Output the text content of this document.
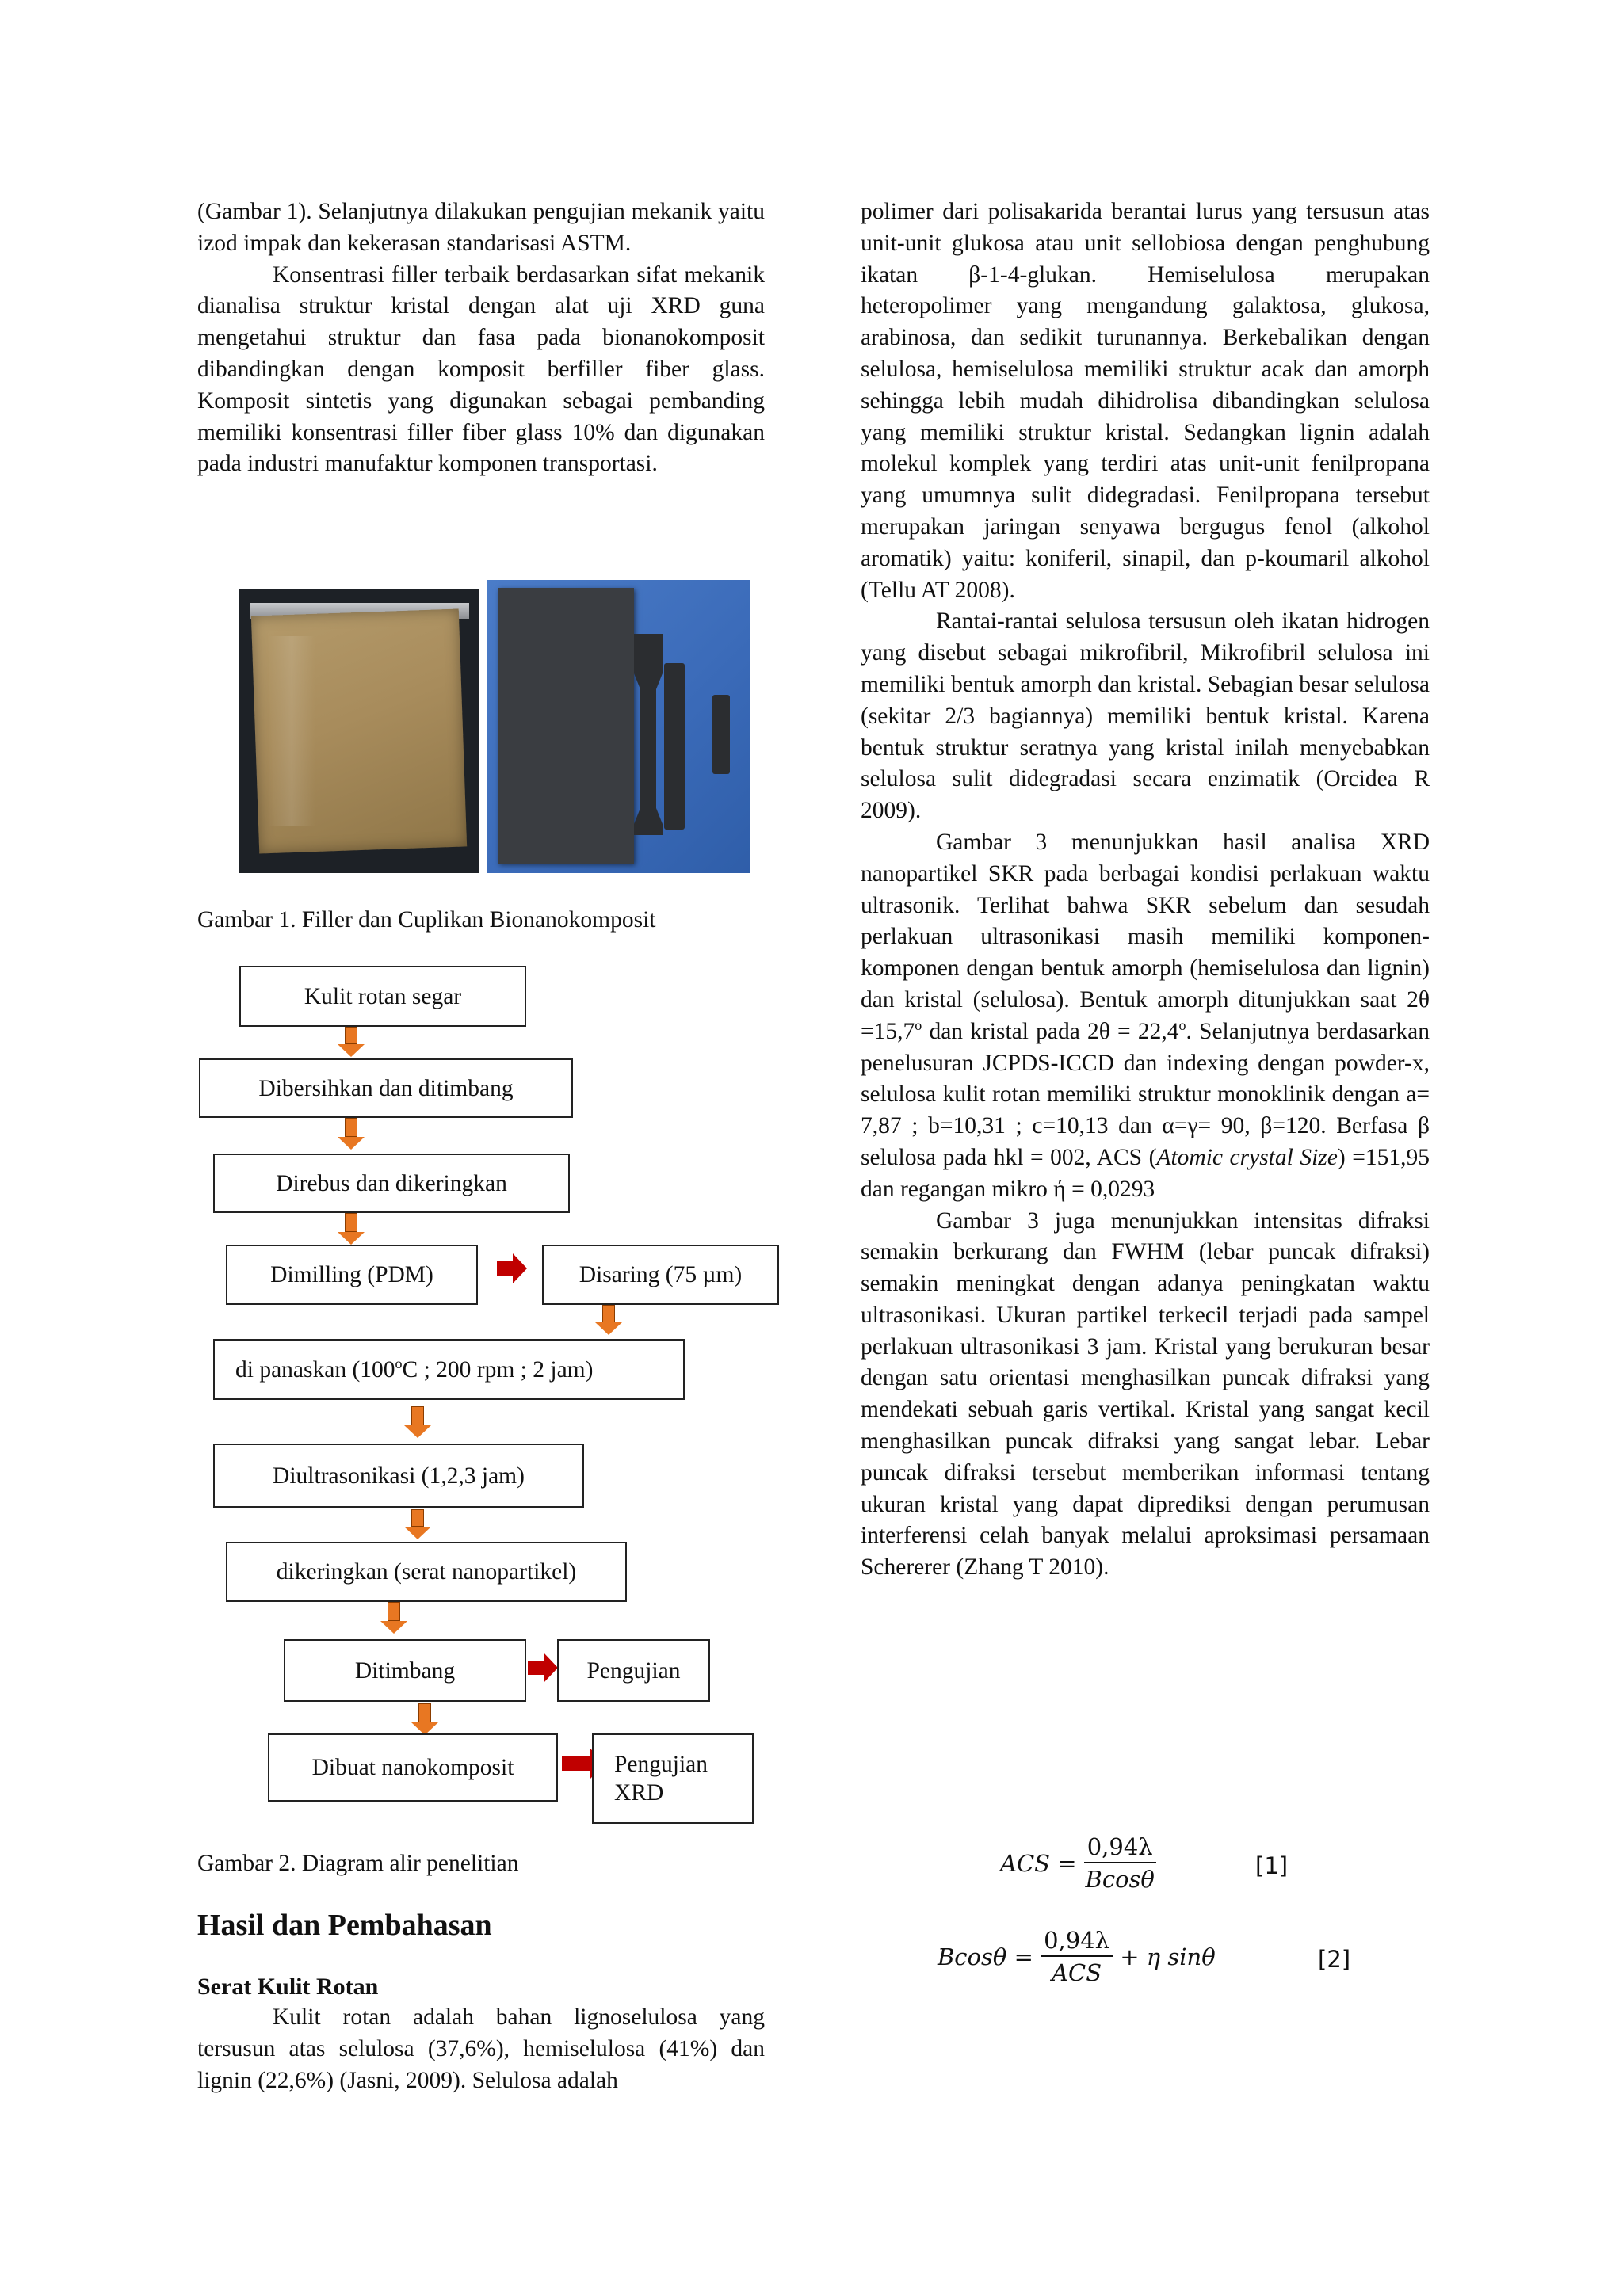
(Gambar 1). Selanjutnya dilakukan pengujian mekanik yaitu izod impak dan kekerasan standarisasi ASTM.

Konsentrasi filler terbaik berdasarkan sifat mekanik dianalisa struktur kristal dengan alat uji XRD guna mengetahui struktur dan fasa pada bionanokomposit dibandingkan dengan komposit berfiller fiber glass. Komposit sintetis yang digunakan sebagai pembanding memiliki konsentrasi filler fiber glass 10% dan digunakan pada industri manufaktur komponen transportasi.

Gambar 1. Filler dan Cuplikan Bionanokomposit
Kulit rotan segar
Dibersihkan dan ditimbang
Direbus dan dikeringkan
Dimilling (PDM)	Disaring (75 µm)
di panaskan (100$^o$C ; 200 rpm ; 2 jam)
Diultrasonikasi (1,2,3 jam)
dikeringkan (serat nanopartikel)
Ditimbang	Pengujian
Dibuat nanokomposit	Pengujian
XRD
Gambar 2. Diagram alir penelitian
Hasil dan Pembahasan
Serat Kulit Rotan

Kulit rotan adalah bahan lignoselulosa yang tersusun atas selulosa (37,6%), hemiselulosa (41%) dan lignin (22,6%) (Jasni, 2009). Selulosa adalah

polimer dari polisakarida berantai lurus yang tersusun atas unit-unit glukosa atau unit sellobiosa dengan penghubung ikatan β-1-4-glukan. Hemiselulosa merupakan heteropolimer yang mengandung galaktosa, glukosa, arabinosa, dan sedikit turunannya. Berkebalikan dengan selulosa, hemiselulosa memiliki struktur acak dan amorph sehingga lebih mudah dihidrolisa dibandingkan selulosa yang memiliki struktur kristal. Sedangkan lignin adalah molekul komplek yang terdiri atas unit-unit fenilpropana yang umumnya sulit didegradasi. Fenilpropana tersebut merupakan jaringan senyawa bergugus fenol (alkohol aromatik) yaitu: koniferil, sinapil, dan p-koumaril alkohol (Tellu AT 2008).

Rantai-rantai selulosa tersusun oleh ikatan hidrogen yang disebut sebagai mikrofibril, Mikrofibril selulosa ini memiliki bentuk amorph dan kristal. Sebagian besar selulosa (sekitar 2/3 bagiannya) memiliki bentuk kristal. Karena bentuk struktur seratnya yang kristal inilah menyebabkan selulosa sulit didegradasi secara enzimatik (Orcidea R 2009).

Gambar 3 menunjukkan hasil analisa XRD nanopartikel SKR pada berbagai kondisi perlakuan waktu ultrasonik. Terlihat bahwa SKR sebelum dan sesudah perlakuan ultrasonikasi masih memiliki komponen-komponen dengan bentuk amorph (hemiselulosa dan lignin) dan kristal (selulosa). Bentuk amorph ditunjukkan saat $2\theta =15,7^o$ dan kristal pada $2\theta = 22,4^o$. Selanjutnya berdasarkan penelusuran JCPDS-ICCD dan indexing dengan powder-x, selulosa kulit rotan memiliki struktur monoklinik dengan a= 7,87 ; b=10,31 ; c=10,13 dan α=γ= 90, β=120. Berfasa β selulosa pada hkl = 002, ACS (Atomic crystal Size) =151,95 dan regangan mikro ή = 0,0293

Gambar 3 juga menunjukkan intensitas difraksi semakin berkurang dan FWHM (lebar puncak difraksi) semakin meningkat dengan adanya peningkatan waktu ultrasonikasi. Ukuran partikel terkecil terjadi pada sampel perlakuan ultrasonikasi 3 jam. Kristal yang berukuran besar dengan satu orientasi menghasilkan puncak difraksi yang mendekati sebuah garis vertikal. Kristal yang sangat kecil menghasilkan puncak difraksi yang sangat lebar. Lebar puncak difraksi tersebut memberikan informasi tentang ukuran kristal yang dapat diprediksi dengan perumusan interferensi celah banyak melalui aproksimasi persamaan Schererer (Zhang T 2010).

ACS = $\frac{0,94\lambda}{Bcos\theta}$	[1]
$Bcos\theta = \frac{0,94\lambda}{\text{ACS}} + \eta$ sinθ	[2]
